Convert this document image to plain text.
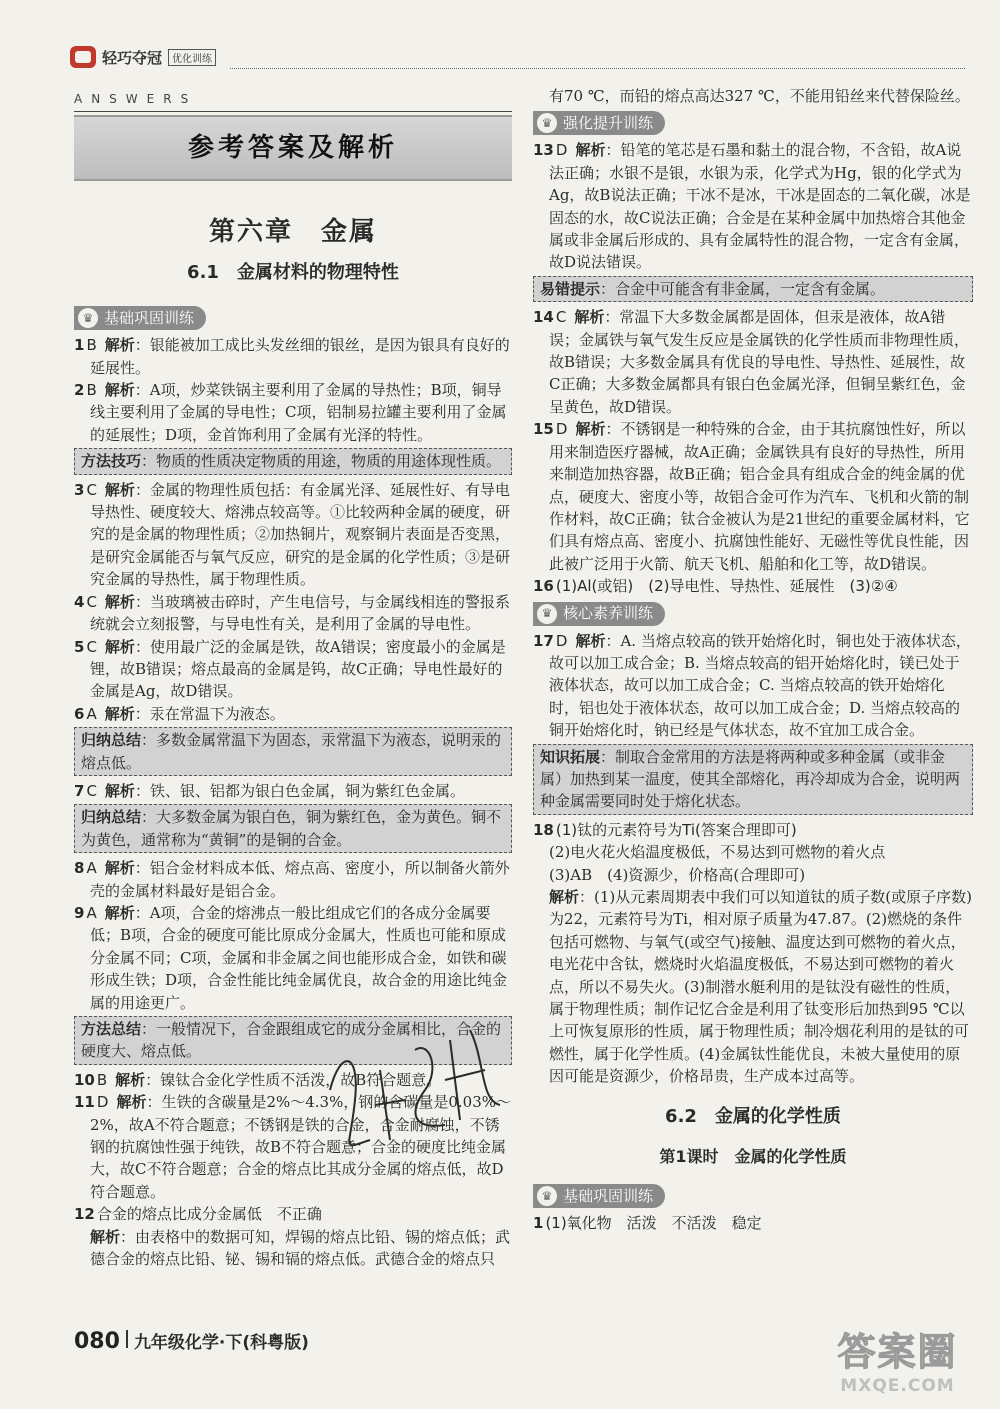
轻巧夺冠	优化训练
ANSWERS
参考答案及解析
第六章　金属
6.1　金属材料的物理特性
♛ 基础巩固训练

1 B 解析：银能被加工成比头发丝细的银丝，是因为银具有良好的延展性。

2 B 解析：A项，炒菜铁锅主要利用了金属的导热性；B项，铜导线主要利用了金属的导电性；C项，铝制易拉罐主要利用了金属的延展性；D项，金首饰利用了金属有光泽的特性。

方法技巧：物质的性质决定物质的用途，物质的用途体现性质。

3 C 解析：金属的物理性质包括：有金属光泽、延展性好、有导电导热性、硬度较大、熔沸点较高等。①比较两种金属的硬度，研究的是金属的物理性质；②加热铜片，观察铜片表面是否变黑，是研究金属能否与氧气反应，研究的是金属的化学性质；③是研究金属的导热性，属于物理性质。

4 C 解析：当玻璃被击碎时，产生电信号，与金属线相连的警报系统就会立刻报警，与导电性有关，是利用了金属的导电性。

5 C 解析：使用最广泛的金属是铁，故A错误；密度最小的金属是锂，故B错误；熔点最高的金属是钨，故C正确；导电性最好的金属是Ag，故D错误。

6 A 解析：汞在常温下为液态。

归纳总结：多数金属常温下为固态，汞常温下为液态，说明汞的熔点低。

7 C 解析：铁、银、铝都为银白色金属，铜为紫红色金属。

归纳总结：大多数金属为银白色，铜为紫红色，金为黄色。铜不为黄色，通常称为“黄铜”的是铜的合金。

8 A 解析：铝合金材料成本低、熔点高、密度小，所以制备火箭外壳的金属材料最好是铝合金。

9 A 解析：A项，合金的熔沸点一般比组成它们的各成分金属要低；B项，合金的硬度可能比原成分金属大，性质也可能和原成分金属不同；C项，金属和非金属之间也能形成合金，如铁和碳形成生铁；D项，合金性能比纯金属优良，故合金的用途比纯金属的用途更广。

方法总结：一般情况下，合金跟组成它的成分金属相比，合金的硬度大、熔点低。

10 B 解析：镍钛合金化学性质不活泼，故B符合题意。

11 D 解析：生铁的含碳量是2%～4.3%，钢的含碳量是0.03%～2%，故A不符合题意；不锈钢是铁的合金，合金耐腐蚀，不锈钢的抗腐蚀性强于纯铁，故B不符合题意；合金的硬度比纯金属大，故C不符合题意；合金的熔点比其成分金属的熔点低，故D符合题意。

12 合金的熔点比成分金属低　不正确

解析：由表格中的数据可知，焊锡的熔点比铅、锡的熔点低；武德合金的熔点比铅、铋、锡和镉的熔点低。武德合金的熔点只

有70 ℃，而铅的熔点高达327 ℃，不能用铅丝来代替保险丝。

♛ 强化提升训练

13 D 解析：铅笔的笔芯是石墨和黏土的混合物，不含铅，故A说法正确；水银不是银，水银为汞，化学式为Hg，银的化学式为Ag，故B说法正确；干冰不是冰，干冰是固态的二氧化碳，冰是固态的水，故C说法正确；合金是在某种金属中加热熔合其他金属或非金属后形成的、具有金属特性的混合物，一定含有金属，故D说法错误。

易错提示：合金中可能含有非金属，一定含有金属。

14 C 解析：常温下大多数金属都是固体，但汞是液体，故A错误；金属铁与氧气发生反应是金属铁的化学性质而非物理性质，故B错误；大多数金属具有优良的导电性、导热性、延展性，故C正确；大多数金属都具有银白色金属光泽，但铜呈紫红色，金呈黄色，故D错误。

15 D 解析：不锈钢是一种特殊的合金，由于其抗腐蚀性好，所以用来制造医疗器械，故A正确；金属铁具有良好的导热性，所用来制造加热容器，故B正确；铝合金具有组成合金的纯金属的优点，硬度大、密度小等，故铝合金可作为汽车、飞机和火箭的制作材料，故C正确；钛合金被认为是21世纪的重要金属材料，它们具有熔点高、密度小、抗腐蚀性能好、无磁性等优良性能，因此被广泛用于火箭、航天飞机、船舶和化工等，故D错误。

16 (1)Al(或铝)　(2)导电性、导热性、延展性　(3)②④

♛ 核心素养训练

17 D 解析：A. 当熔点较高的铁开始熔化时，铜也处于液体状态，故可以加工成合金；B. 当熔点较高的铝开始熔化时，镁已处于液体状态，故可以加工成合金；C. 当熔点较高的铁开始熔化时，铝也处于液体状态，故可以加工成合金；D. 当熔点较高的铜开始熔化时，钠已经是气体状态，故不宜加工成合金。

知识拓展：制取合金常用的方法是将两种或多种金属（或非金属）加热到某一温度，使其全部熔化，再冷却成为合金，说明两种金属需要同时处于熔化状态。

18 (1)钛的元素符号为Ti(答案合理即可)

(2)电火花火焰温度极低，不易达到可燃物的着火点

(3)AB　(4)资源少，价格高(合理即可)

解析：(1)从元素周期表中我们可以知道钛的质子数(或原子序数)为22，元素符号为Ti，相对原子质量为47.87。(2)燃烧的条件包括可燃物、与氧气(或空气)接触、温度达到可燃物的着火点，电光花中含钛，燃烧时火焰温度极低，不易达到可燃物的着火点，所以不易失火。(3)制潜水艇利用的是钛没有磁性的性质，属于物理性质；制作记忆合金是利用了钛变形后加热到95 ℃以上可恢复原形的性质，属于物理性质；制冷烟花利用的是钛的可燃性，属于化学性质。(4)金属钛性能优良，未被大量使用的原因可能是资源少，价格昂贵，生产成本过高等。

6.2　金属的化学性质
第1课时　金属的化学性质
♛ 基础巩固训练

1 (1)氧化物　活泼　不活泼　稳定

080 九年级化学·下(科粤版)	答案圈
MXQE.COM
